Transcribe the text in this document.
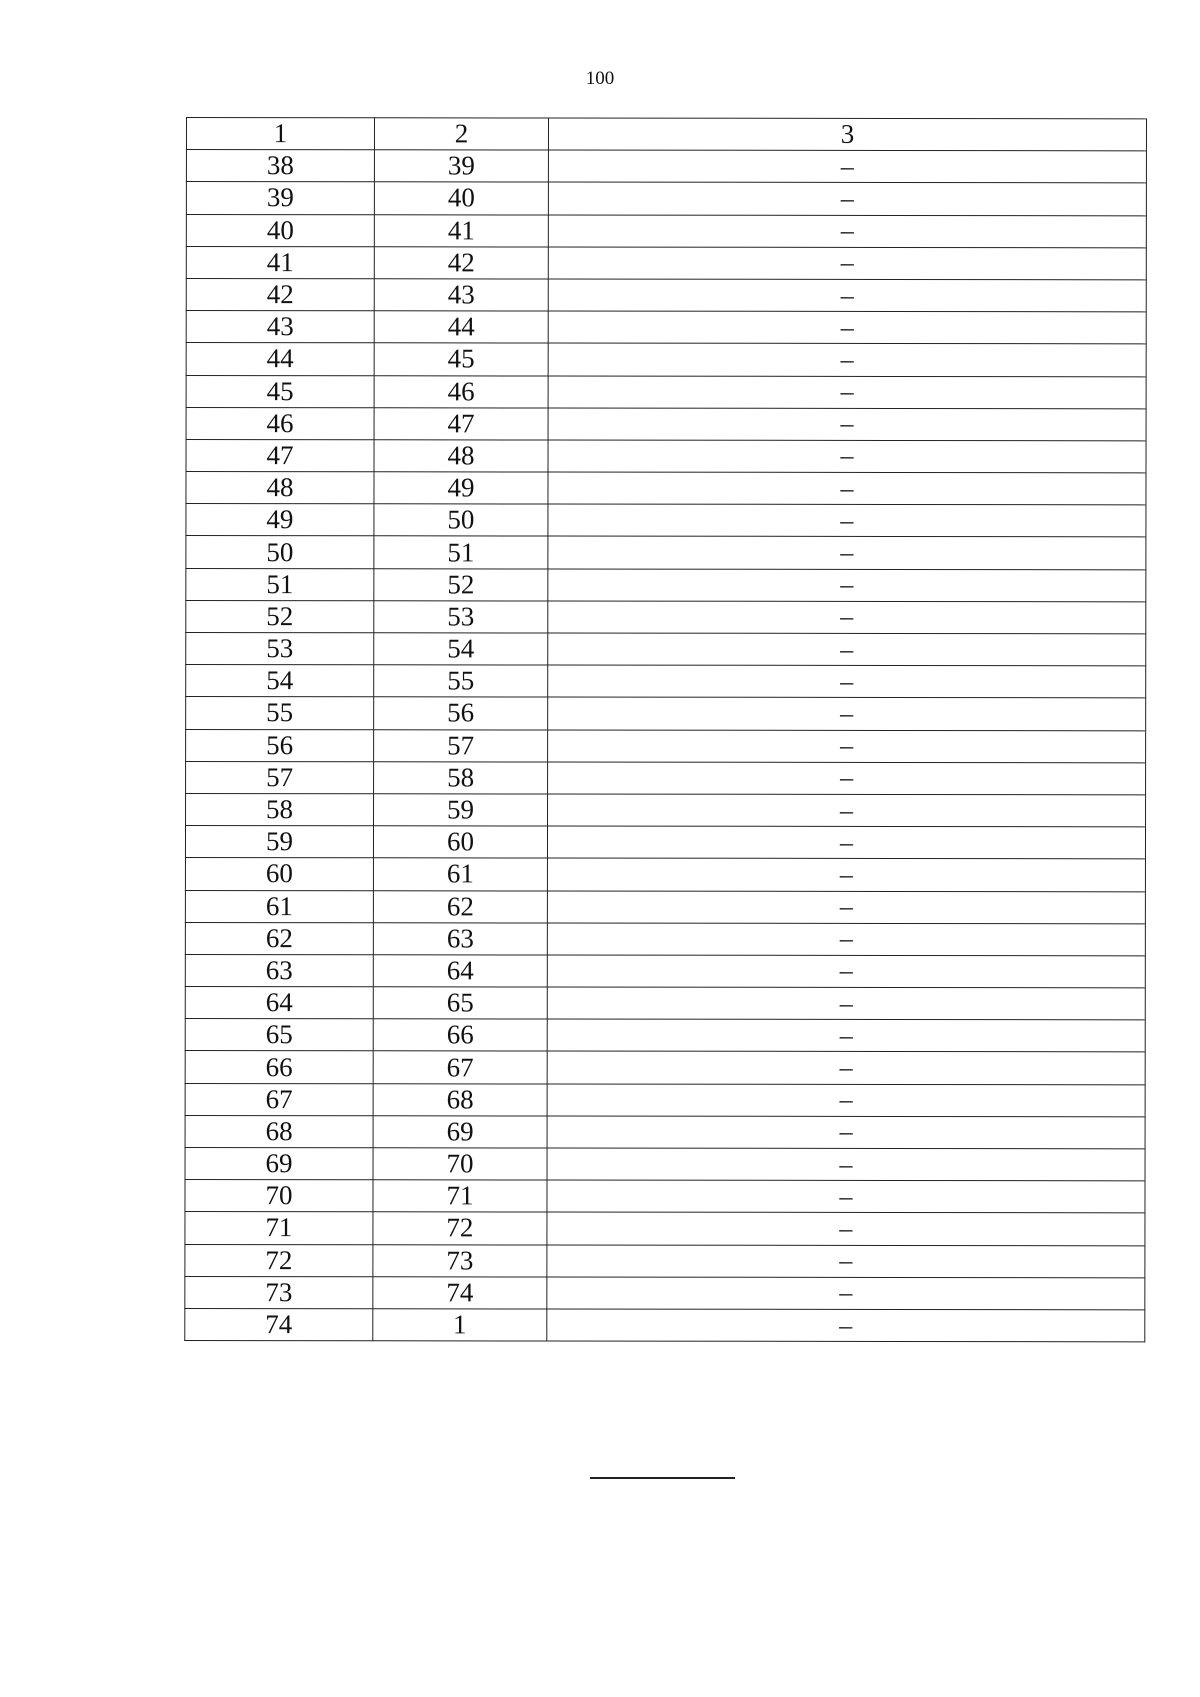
100
1	2	3
38	39	–
39	40	–
40	41	–
41	42	–
42	43	–
43	44	–
44	45	–
45	46	–
46	47	–
47	48	–
48	49	–
49	50	–
50	51	–
51	52	–
52	53	–
53	54	–
54	55	–
55	56	–
56	57	–
57	58	–
58	59	–
59	60	–
60	61	–
61	62	–
62	63	–
63	64	–
64	65	–
65	66	–
66	67	–
67	68	–
68	69	–
69	70	–
70	71	–
71	72	–
72	73	–
73	74	–
74	1	–
